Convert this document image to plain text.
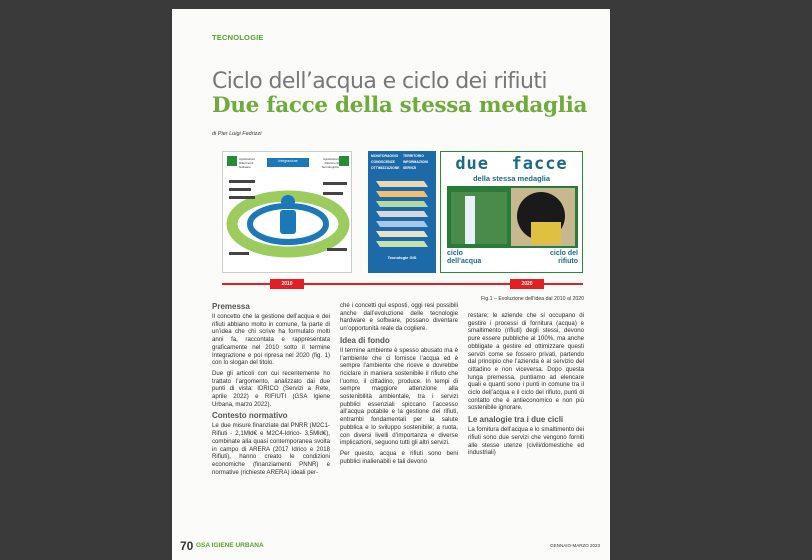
TECNOLOGIE
Ciclo dell’acqua e ciclo dei rifiuti
Due facce della stessa medaglia
di Pier Luigi Fedrizzi
Integrazione
Applicazioni Riferimenti Software
Applicazioni Riferimenti Tecnologiche
MONITORAGGIO	TERRITORIO
CONOSCENZE	INFORMAZIONI
OTTIMIZZAZIONE	SERVIZI
Tecnologie GIS
due  facce
della stessa medaglia
ciclo dell’acqua
ciclo del rifiuto
2010	2020
Fig.1 – Evoluzione dell’idea dal 2010 al 2020
Premessa

Il concetto che la gestione dell’acqua e dei rifiuti abbiano molto in comune, fa parte di un’idea che chi scrive ha formulato molti anni fa, raccontata e rappresentata graficamente nel 2010 sotto il termine Integrazione e poi ripresa nel 2020 (fig. 1) con lo slogan del titolo.

Due gli articoli con cui recentemente ho trattato l’argomento, analizzato dai due punti di vista: IDRICO (Servizi a Rete, aprile 2022) e RIFIUTI (GSA Igiene Urbana, marzo 2022).

Contesto normativo

Le due misure finanziate dal PNRR (M2C1-Rifiuti - 2,1Mld€ e M2C4-Idrico- 3,5Mld€), combinate alla quasi contemporanea svolta in campo di ARERA (2017 Idrico e 2018 Rifiuti), hanno creato le condizioni economiche (finanziamenti PNNR) e normative (richieste ARERA) ideali per-

ché i concetti qui esposti, oggi resi possibili anche dall’evoluzione delle tecnologie hardware e software, possano diventare un’opportunità reale da cogliere.

Idea di fondo

Il termine ambiente è spesso abusato ma è l’ambiente che ci fornisce l’acqua ed è sempre l’ambiente che riceve e dovrebbe riciclare in maniera sostenibile il rifiuto che l’uomo, il cittadino, produce. In tempi di sempre maggiore attenzione alla sostenibilità ambientale, tra i servizi pubblici essenziali spiccano l’accesso all’acqua potabile e la gestione dei rifiuti, entrambi fondamentali per la salute pubblica e lo sviluppo sostenibile; a ruota, con diversi livelli d’importanza e diverse implicazioni, seguono tutti gli altri servizi.

Per questo, acqua e rifiuti sono beni pubblici inalienabili e tali devono

restare; le aziende che si occupano di gestire i processi di fornitura (acqua) e smaltimento (rifiuti) degli stessi, devono pure essere pubbliche al 100%, ma anche obbligate a gestire ed ottimizzare questi servizi come se fossero privati, partendo dal principio che l’azienda è al servizio del cittadino e non viceversa. Dopo questa lunga premessa, puntiamo ad elencare quali e quanti sono i punti in comune tra il ciclo dell’acqua e il ciclo del rifiuto, punti di contatto che è antieconomico e non più sostenibile ignorare.

Le analogie tra i due cicli

La fornitura dell’acqua e lo smaltimento dei rifiuti sono due servizi che vengono forniti alle stesse utenze (civili/domestiche ed industriali)

70 GSA IGIENE URBANA	GENNAIO-MARZO 2023
